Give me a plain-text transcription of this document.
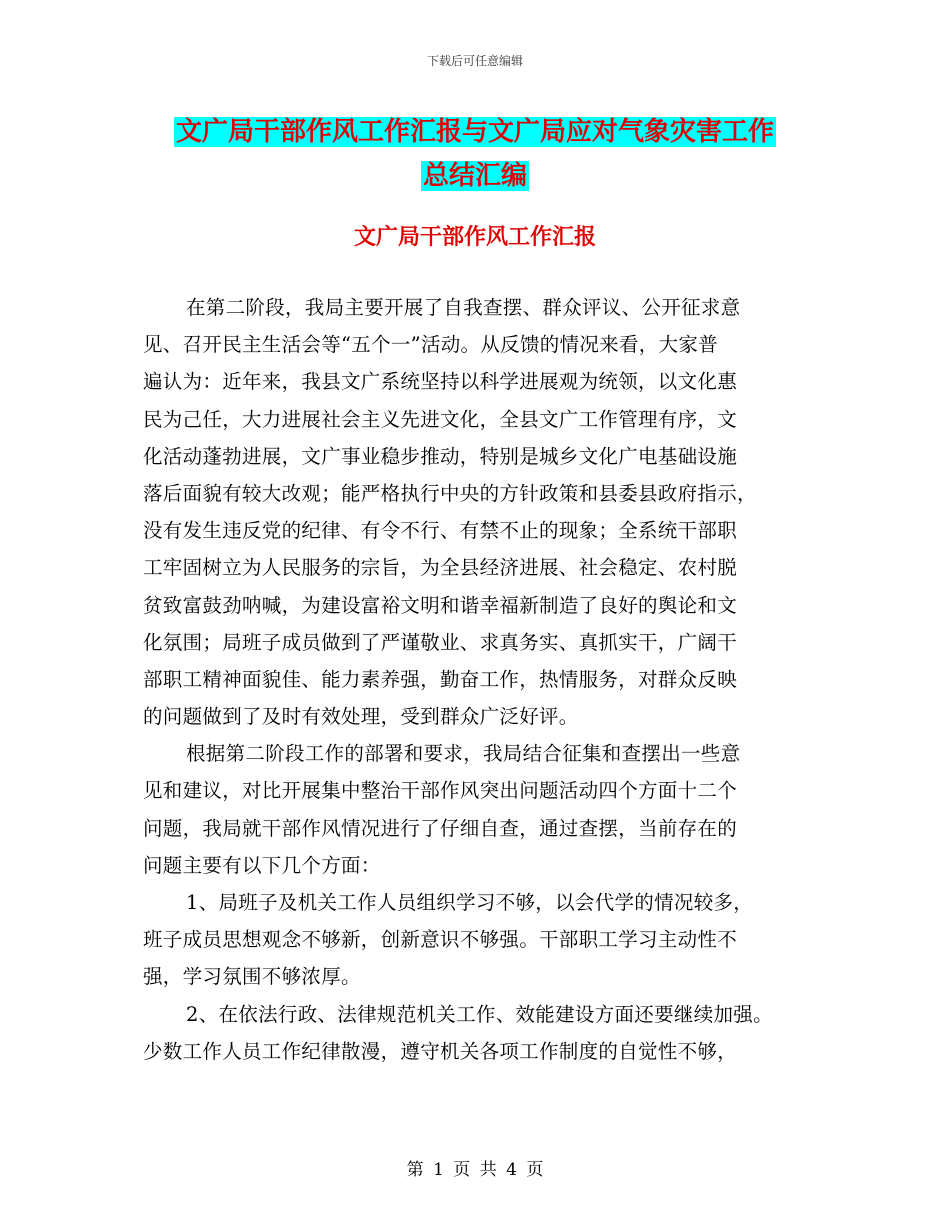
下载后可任意编辑
文广局干部作风工作汇报与文广局应对气象灾害工作
总结汇编
文广局干部作风工作汇报
在第二阶段，我局主要开展了自我查摆、群众评议、公开征求意
见、召开民主生活会等“五个一”活动。从反馈的情况来看，大家普
遍认为：近年来，我县文广系统坚持以科学进展观为统领，以文化惠
民为己任，大力进展社会主义先进文化，全县文广工作管理有序，文
化活动蓬勃进展，文广事业稳步推动，特别是城乡文化广电基础设施
落后面貌有较大改观；能严格执行中央的方针政策和县委县政府指示，
没有发生违反党的纪律、有令不行、有禁不止的现象；全系统干部职
工牢固树立为人民服务的宗旨，为全县经济进展、社会稳定、农村脱
贫致富鼓劲呐喊，为建设富裕文明和谐幸福新制造了良好的舆论和文
化氛围；局班子成员做到了严谨敬业、求真务实、真抓实干，广阔干
部职工精神面貌佳、能力素养强，勤奋工作，热情服务，对群众反映
的问题做到了及时有效处理，受到群众广泛好评。
根据第二阶段工作的部署和要求，我局结合征集和查摆出一些意
见和建议，对比开展集中整治干部作风突出问题活动四个方面十二个
问题，我局就干部作风情况进行了仔细自查，通过查摆，当前存在的
问题主要有以下几个方面：
1、局班子及机关工作人员组织学习不够，以会代学的情况较多，
班子成员思想观念不够新，创新意识不够强。干部职工学习主动性不
强，学习氛围不够浓厚。
2、在依法行政、法律规范机关工作、效能建设方面还要继续加强。
少数工作人员工作纪律散漫，遵守机关各项工作制度的自觉性不够，
第 1 页 共 4 页
